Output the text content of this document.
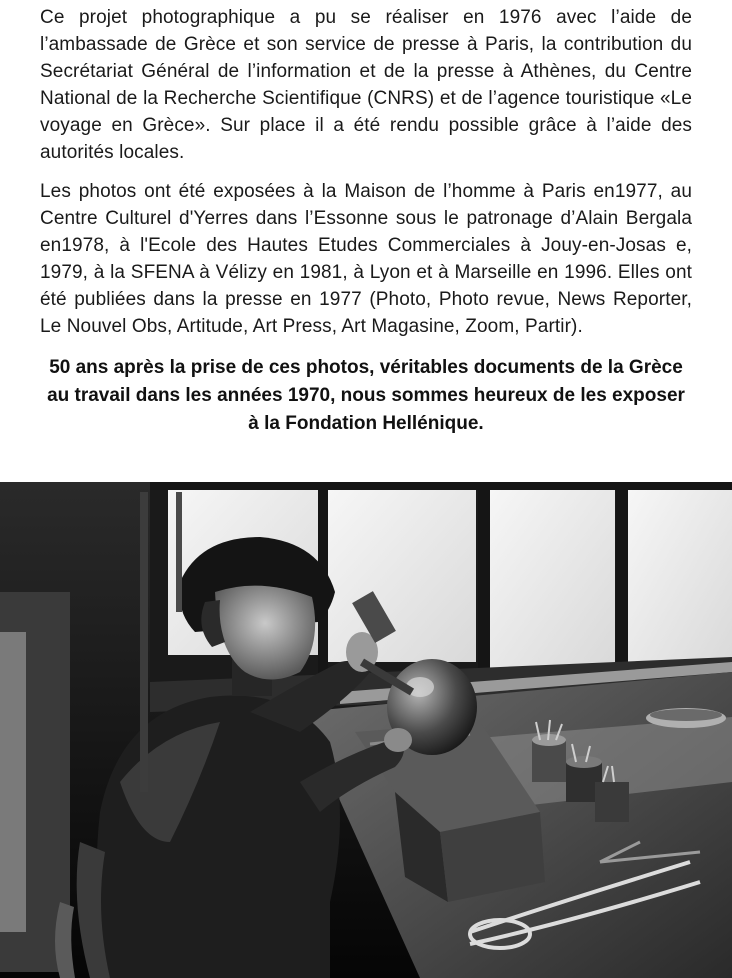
Ce projet photographique a pu se réaliser en 1976 avec l’aide de l’ambassade de Grèce et son service de presse à Paris, la contribution du Secrétariat Général de l’information et de la presse à Athènes, du Centre National de la Recherche Scientifique (CNRS) et de l’agence touristique «Le voyage en Grèce». Sur place il a été rendu possible grâce à l’aide des autorités locales.

Les photos ont été exposées à la Maison de l’homme à Paris en1977, au Centre Culturel d'Yerres dans l’Essonne sous le patronage d’Alain Bergala en1978, à l'Ecole des Hautes Etudes Commerciales à Jouy-en-Josas e, 1979, à la SFENA à Vélizy en 1981, à Lyon et à Marseille en 1996. Elles ont été publiées dans la presse en 1977 (Photo, Photo revue, News Reporter, Le Nouvel Obs, Artitude, Art Press, Art Magasine, Zoom, Partir).

50 ans après la prise de ces photos, véritables documents de la Grèce au travail dans les années 1970, nous sommes heureux de les exposer à la Fondation Hellénique.
